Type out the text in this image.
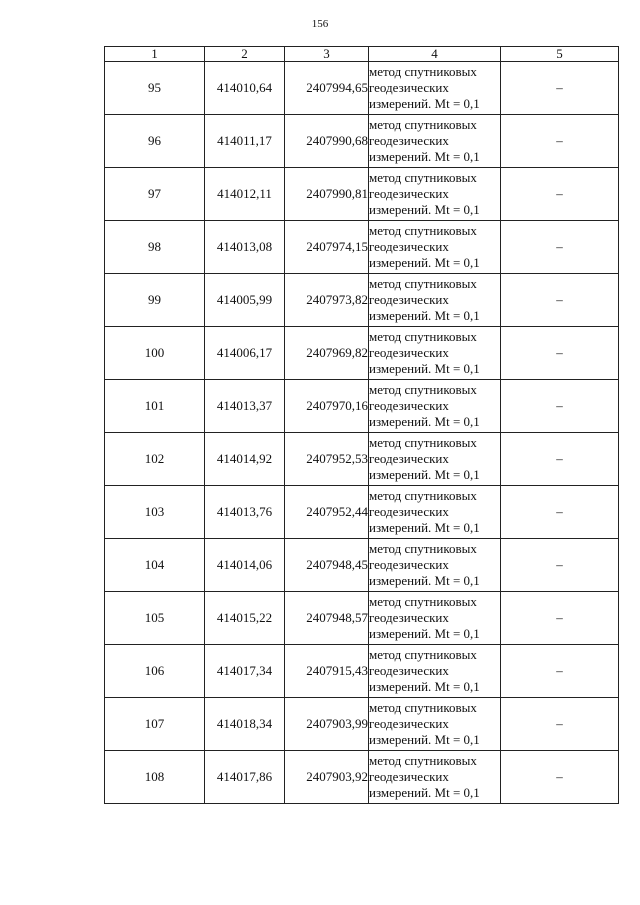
156
1	2	3	4	5
95	414010,64	2407994,65	метод спутниковых
геодезических
измерений. Mt = 0,1	–
96	414011,17	2407990,68	метод спутниковых
геодезических
измерений. Mt = 0,1	–
97	414012,11	2407990,81	метод спутниковых
геодезических
измерений. Mt = 0,1	–
98	414013,08	2407974,15	метод спутниковых
геодезических
измерений. Mt = 0,1	–
99	414005,99	2407973,82	метод спутниковых
геодезических
измерений. Mt = 0,1	–
100	414006,17	2407969,82	метод спутниковых
геодезических
измерений. Mt = 0,1	–
101	414013,37	2407970,16	метод спутниковых
геодезических
измерений. Mt = 0,1	–
102	414014,92	2407952,53	метод спутниковых
геодезических
измерений. Mt = 0,1	–
103	414013,76	2407952,44	метод спутниковых
геодезических
измерений. Mt = 0,1	–
104	414014,06	2407948,45	метод спутниковых
геодезических
измерений. Mt = 0,1	–
105	414015,22	2407948,57	метод спутниковых
геодезических
измерений. Mt = 0,1	–
106	414017,34	2407915,43	метод спутниковых
геодезических
измерений. Mt = 0,1	–
107	414018,34	2407903,99	метод спутниковых
геодезических
измерений. Mt = 0,1	–
108	414017,86	2407903,92	метод спутниковых
геодезических
измерений. Mt = 0,1	–
